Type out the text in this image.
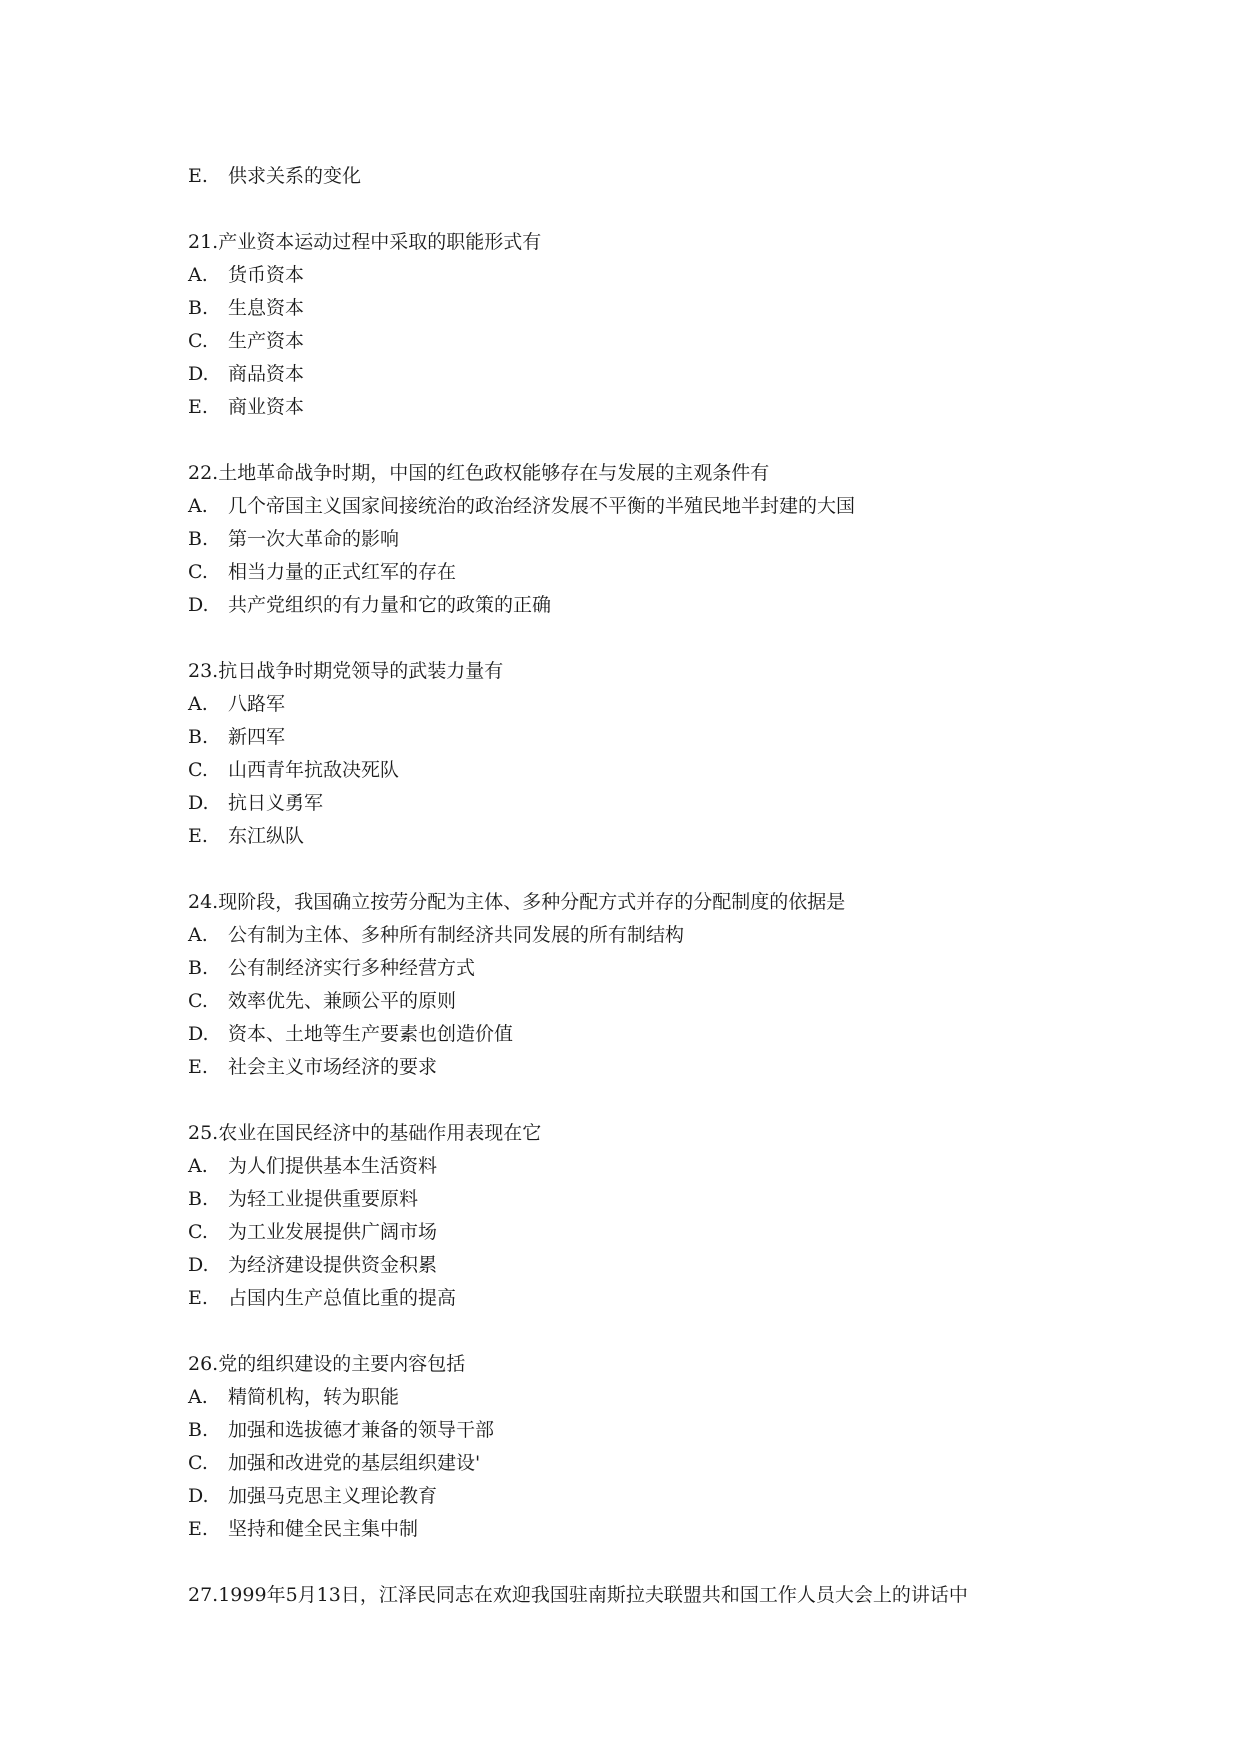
E. 供求关系的变化
21.产业资本运动过程中采取的职能形式有
A. 货币资本
B. 生息资本
C. 生产资本
D. 商品资本
E. 商业资本
22.土地革命战争时期，中国的红色政权能够存在与发展的主观条件有
A. 几个帝国主义国家间接统治的政治经济发展不平衡的半殖民地半封建的大国
B. 第一次大革命的影响
C. 相当力量的正式红军的存在
D. 共产党组织的有力量和它的政策的正确
23.抗日战争时期党领导的武装力量有
A. 八路军
B. 新四军
C. 山西青年抗敌决死队
D. 抗日义勇军
E. 东江纵队
24.现阶段，我国确立按劳分配为主体、多种分配方式并存的分配制度的依据是
A. 公有制为主体、多种所有制经济共同发展的所有制结构
B. 公有制经济实行多种经营方式
C. 效率优先、兼顾公平的原则
D. 资本、土地等生产要素也创造价值
E. 社会主义市场经济的要求
25.农业在国民经济中的基础作用表现在它
A. 为人们提供基本生活资料
B. 为轻工业提供重要原料
C. 为工业发展提供广阔市场
D. 为经济建设提供资金积累
E. 占国内生产总值比重的提高
26.党的组织建设的主要内容包括
A. 精简机构，转为职能
B. 加强和选拔德才兼备的领导干部
C. 加强和改进党的基层组织建设'
D. 加强马克思主义理论教育
E. 坚持和健全民主集中制
27.1999年5月13日，江泽民同志在欢迎我国驻南斯拉夫联盟共和国工作人员大会上的讲话中
